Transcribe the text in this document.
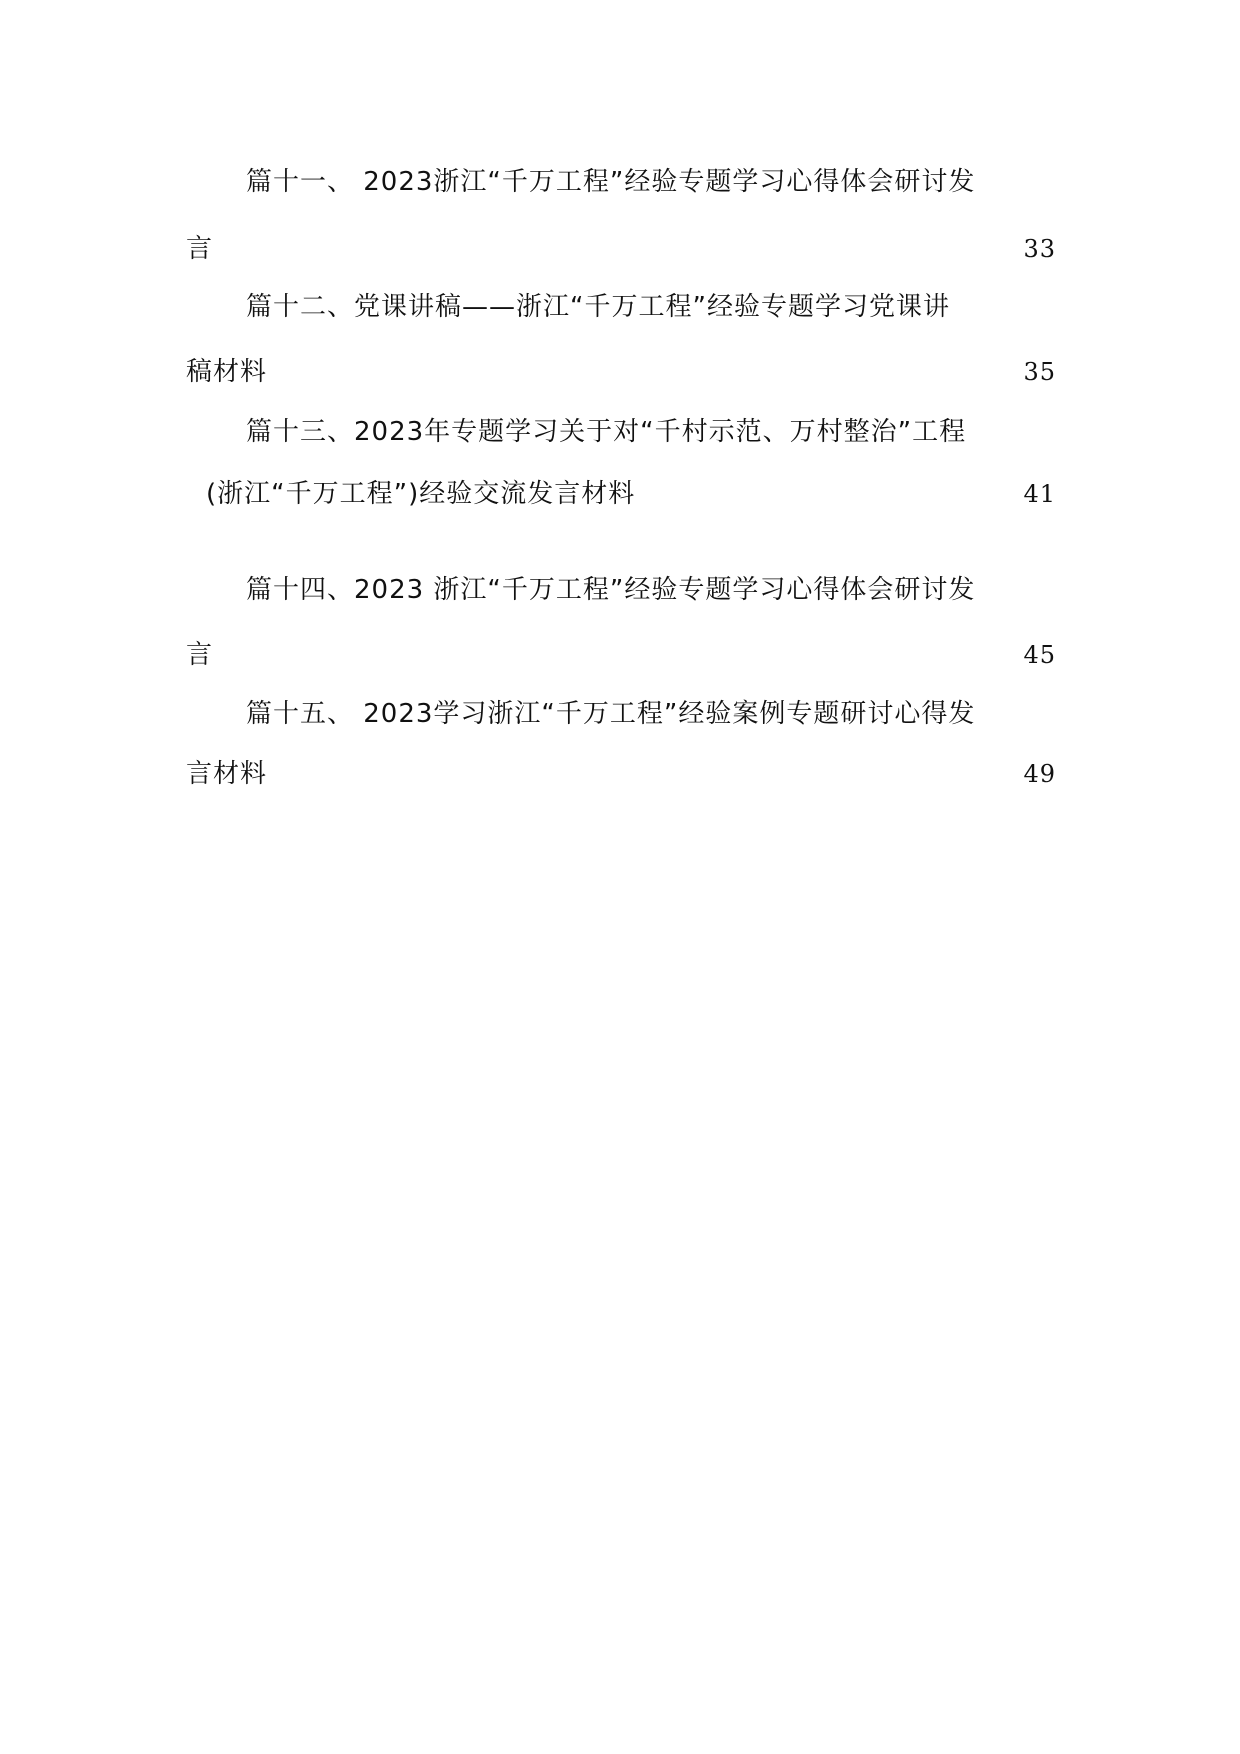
篇十一、 2023浙江“千万工程”经验专题学习心得体会研讨发
言	33
篇十二、党课讲稿——浙江“千万工程”经验专题学习党课讲
稿材料	35
篇十三、2023年专题学习关于对“千村示范、万村整治”工程
(浙江“千万工程”)经验交流发言材料	41
篇十四、2023 浙江“千万工程”经验专题学习心得体会研讨发
言	45
篇十五、 2023学习浙江“千万工程”经验案例专题研讨心得发
言材料	49
